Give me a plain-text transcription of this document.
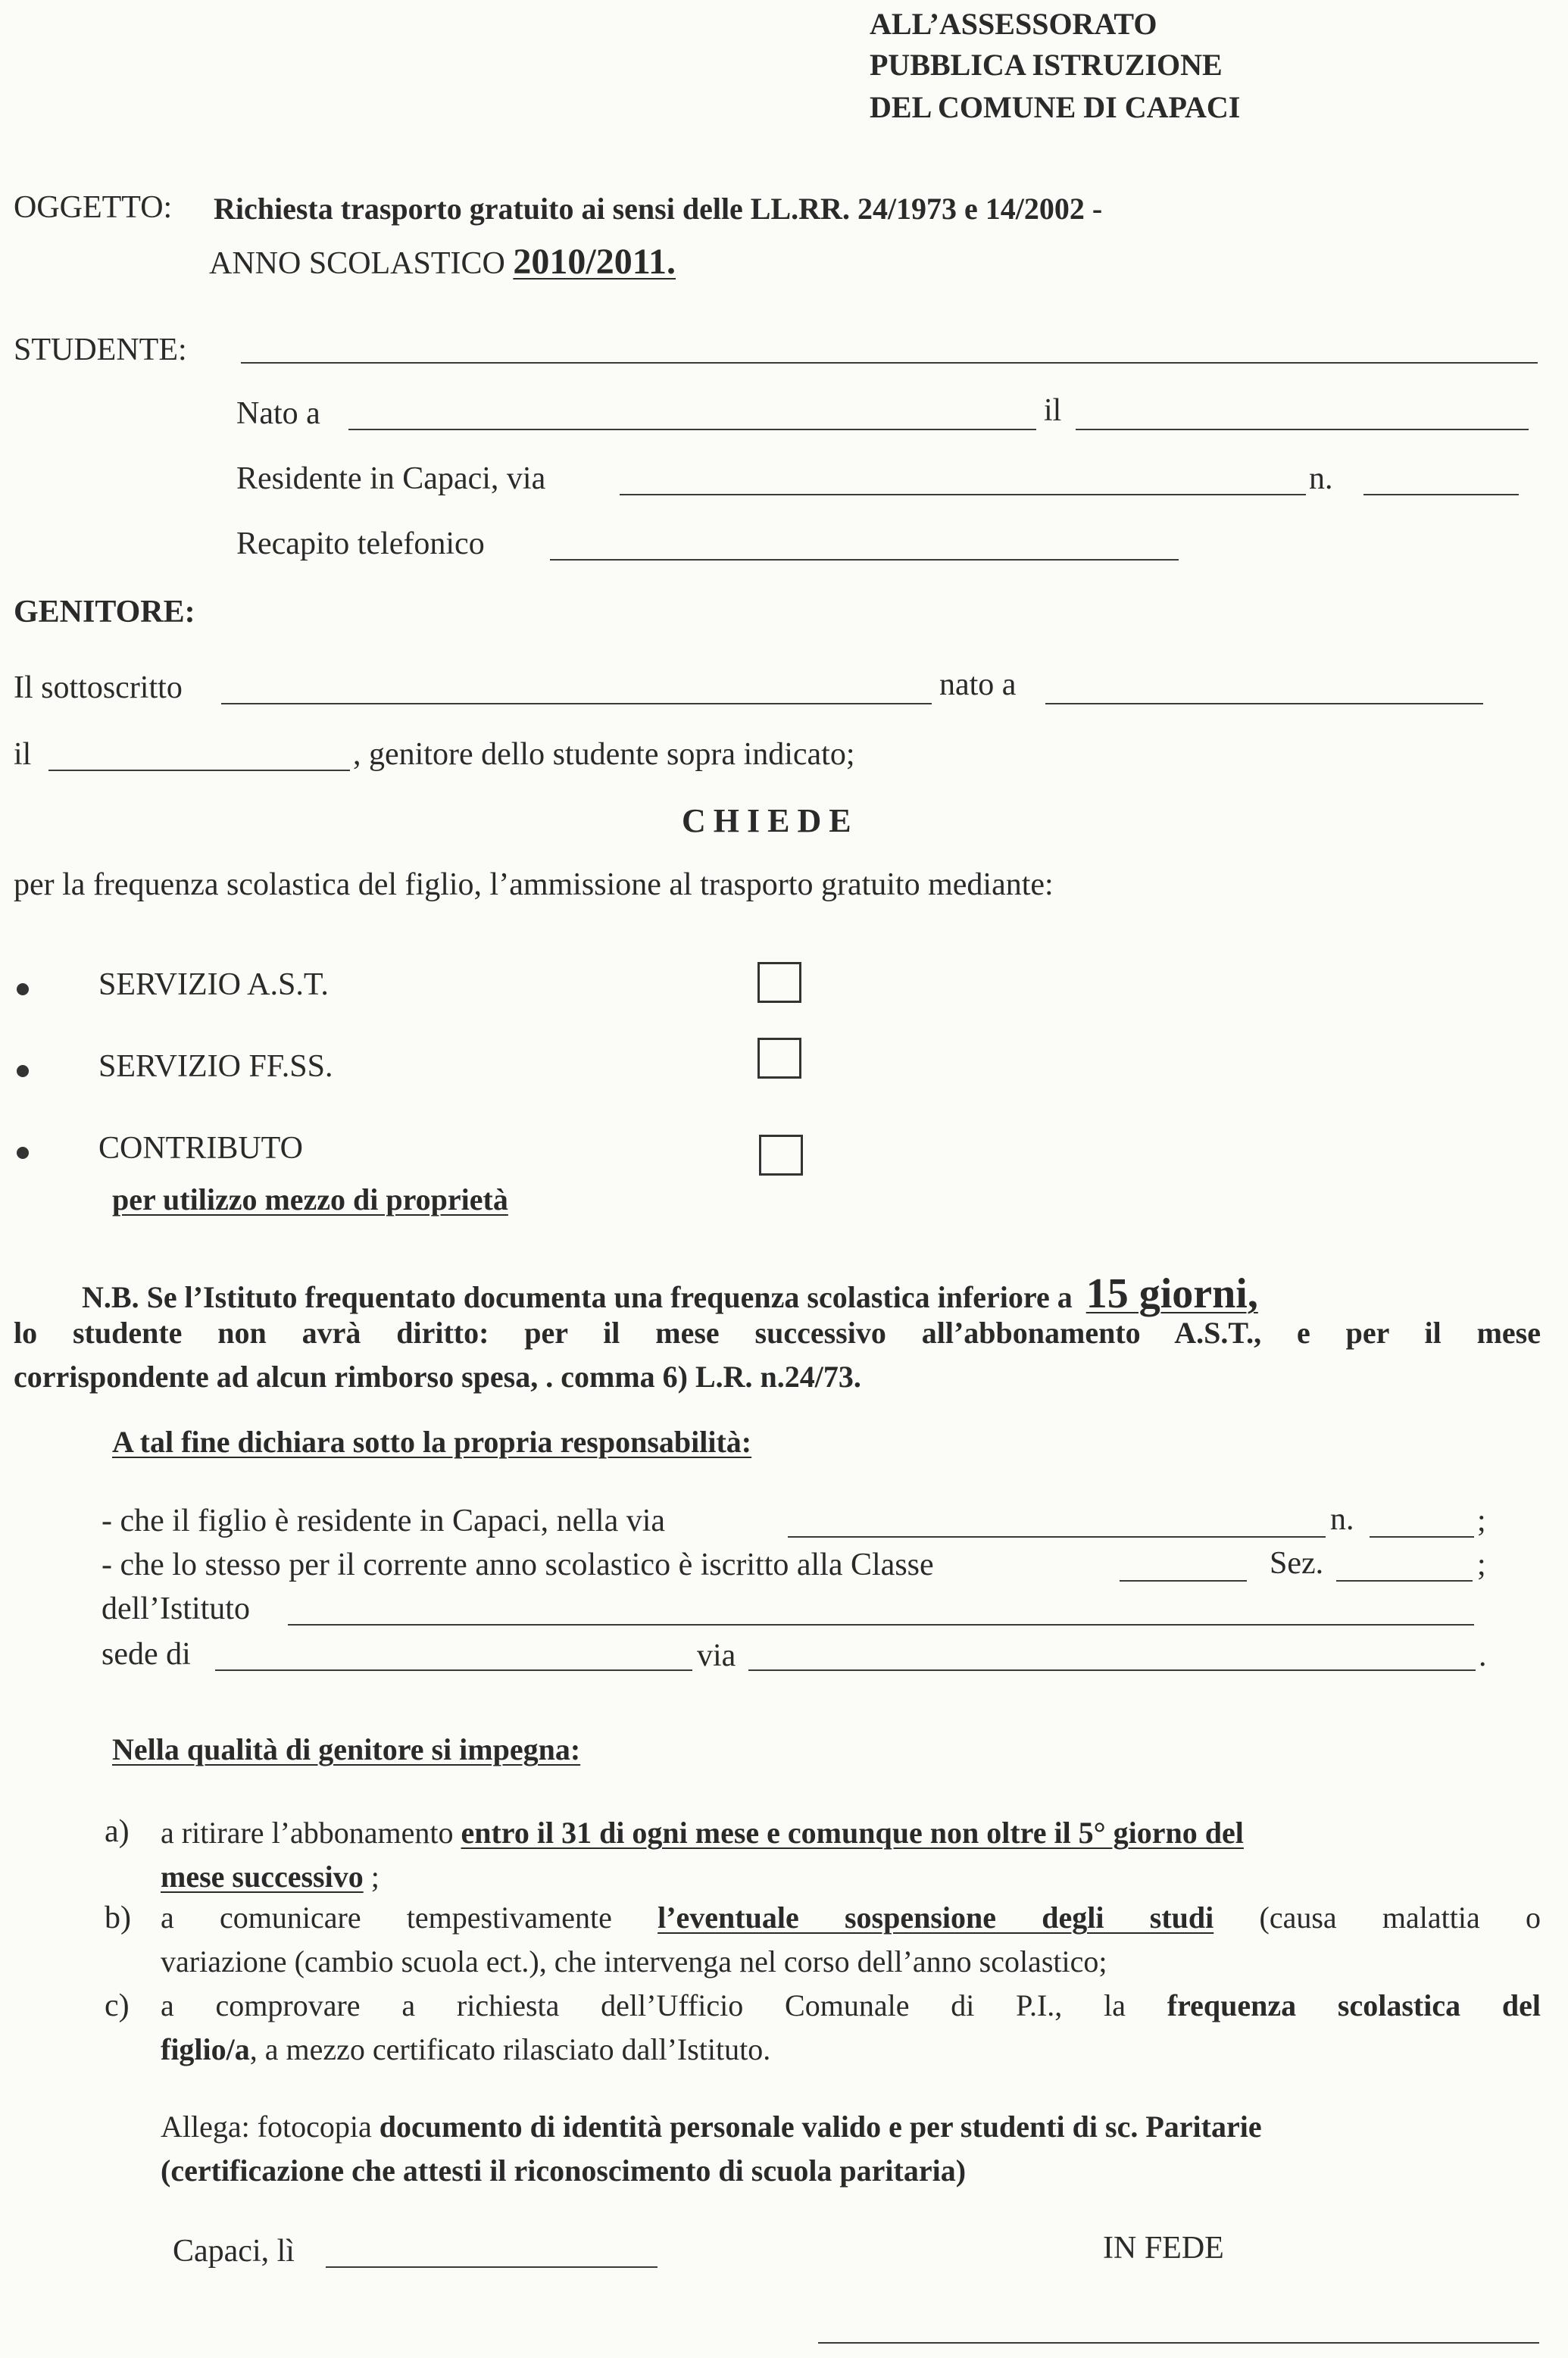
ALL’ASSESSORATO
PUBBLICA ISTRUZIONE
DEL COMUNE DI CAPACI
OGGETTO: Richiesta trasporto gratuito ai sensi delle LL.RR. 24/1973 e 14/2002 -
ANNO SCOLASTICO 2010/2011.
STUDENTE:
Nato a	il
Residente in Capaci, via	n.
Recapito telefonico
GENITORE:
Il sottoscritto	nato a
il	, genitore dello studente sopra indicato;
CHIEDE
per la frequenza scolastica del figlio, l’ammissione al trasporto gratuito mediante:
SERVIZIO A.S.T.
SERVIZIO FF.SS.
CONTRIBUTO
per utilizzo mezzo di proprietà
N.B. Se l’Istituto frequentato documenta una frequenza scolastica inferiore a 15 giorni,
lo studente non avrà diritto: per il mese successivo all’abbonamento A.S.T., e per il mese
corrispondente ad alcun rimborso spesa, . comma 6) L.R. n.24/73.
A tal fine dichiara sotto la propria responsabilità:
- che il figlio è residente in Capaci, nella via	n.	;
- che lo stesso per il corrente anno scolastico è iscritto alla Classe	Sez.	;
dell’Istituto
sede di	via	.
Nella qualità di genitore si impegna:
a) a ritirare l’abbonamento entro il 31 di ogni mese e comunque non oltre il 5° giorno del
mese successivo ;
b) a comunicare tempestivamente l’eventuale sospensione degli studi (causa malattia o
variazione (cambio scuola ect.), che intervenga nel corso dell’anno scolastico;
c) a comprovare a richiesta dell’Ufficio Comunale di P.I., la frequenza scolastica del
figlio/a, a mezzo certificato rilasciato dall’Istituto.
Allega: fotocopia documento di identità personale valido e per studenti di sc. Paritarie
(certificazione che attesti il riconoscimento di scuola paritaria)
Capaci, lì	IN FEDE
